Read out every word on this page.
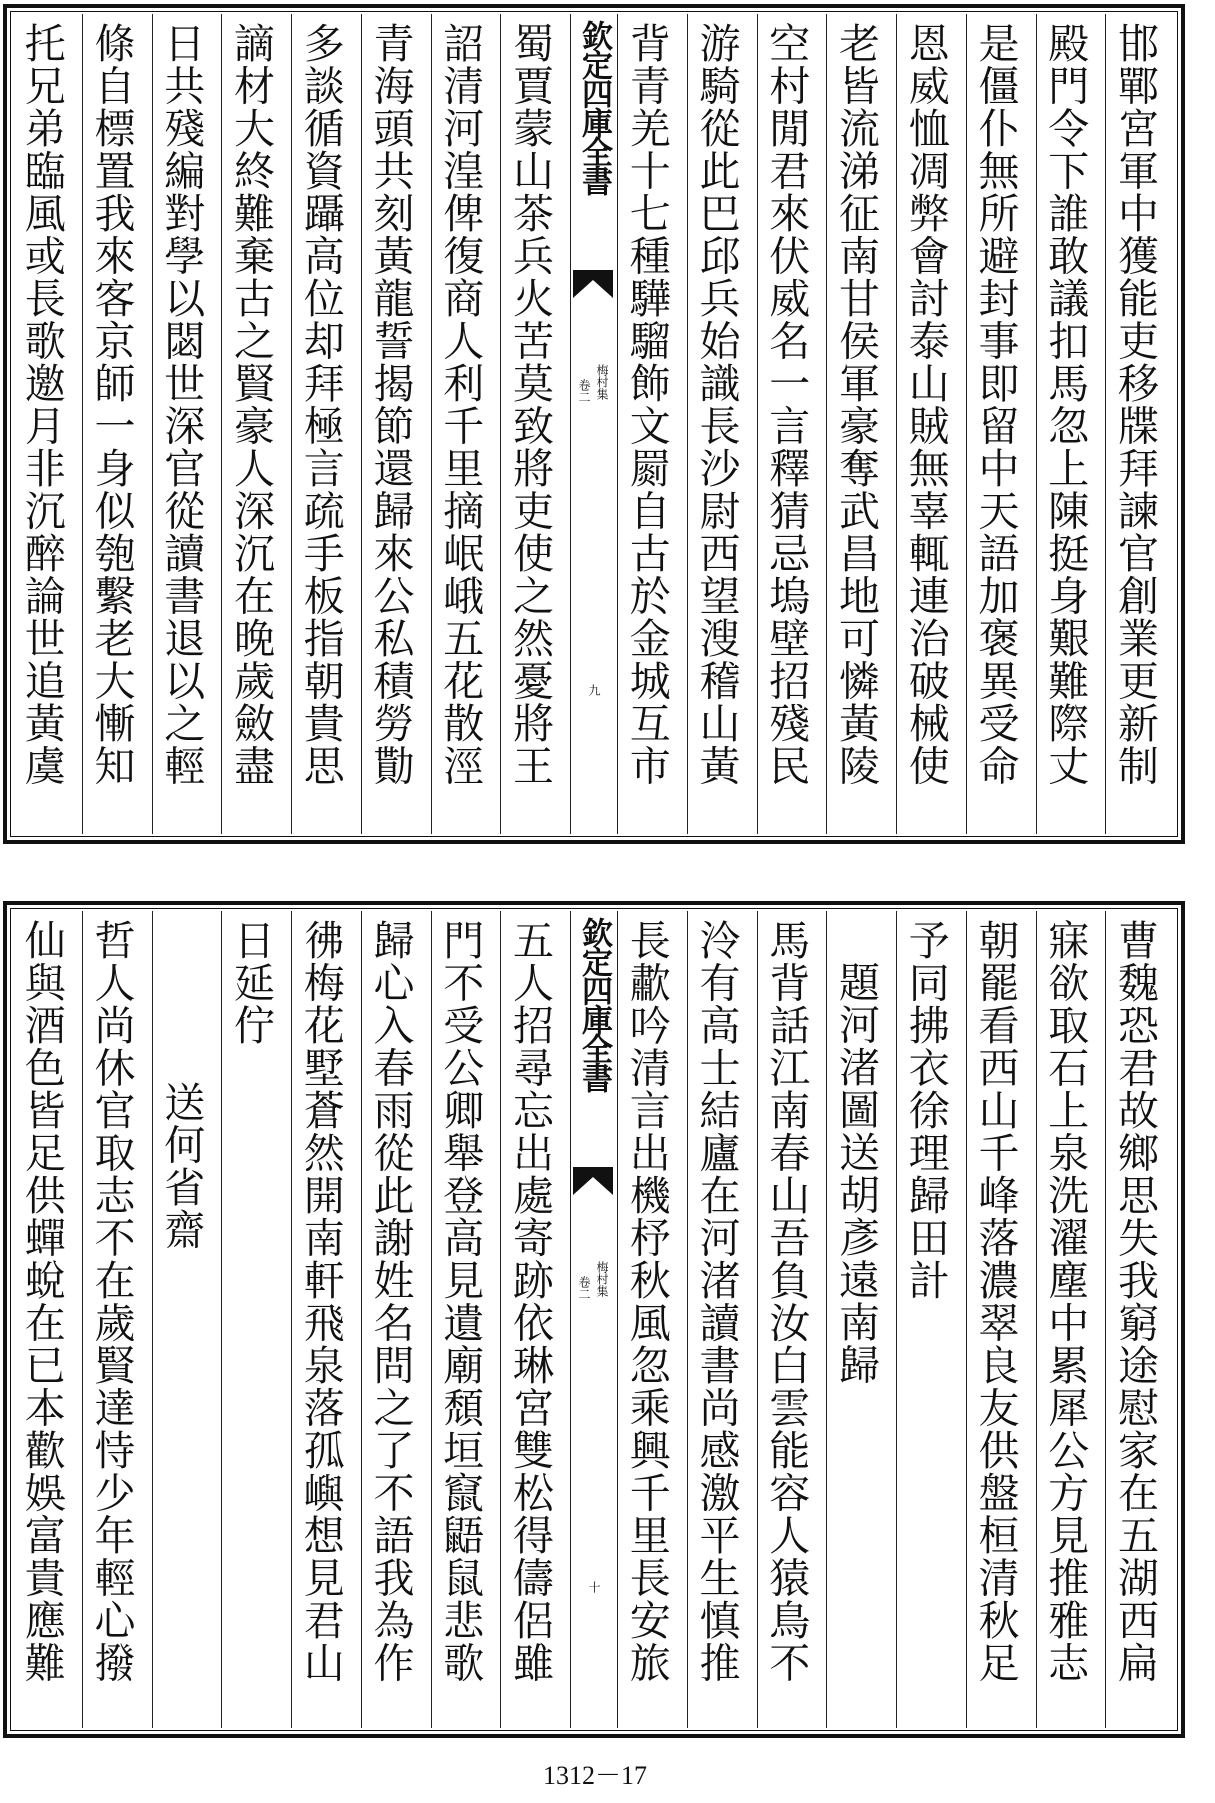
邯鄲宮軍中獲能吏移牒拜諫官創業更新制
殿門令下誰敢議扣馬忽上陳挺身艱難際丈
是僵仆無所避封事即留中天語加褒異受命
恩威恤凋弊會討泰山賊無辜輒連治破械使
老皆流涕征南甘侯軍豪奪武昌地可憐黃陵
空村閒君來伏威名一言釋猜忌塢壁招殘民
游騎從此巴邱兵始識長沙尉西望溲稽山黃
背青羌十七種驊騮飾文罽自古於金城互市
欽定四庫全書
梅村集
卷二
九
蜀賈蒙山茶兵火苦莫致將吏使之然憂將王
詔清河湟俾復商人利千里摘岷峨五花散涇
青海頭共刻黃龍誓揭節還歸來公私積勞勩
多談循資躡高位却拜極言疏手板指朝貴思
謫材大終難棄古之賢豪人深沉在晚歲斂盡
日共殘編對學以閟世深官從讀書退以之輕
條自標置我來客京師一身似匏繫老大慚知
托兄弟臨風或長歌邀月非沉醉論世追黃虞
曹魏恐君故鄉思失我窮途慰家在五湖西扁
寐欲取石上泉洗濯塵中累犀公方見推雅志
朝罷看西山千峰落濃翠良友供盤桓清秋足
予同拂衣徐理歸田計
題河渚圖送胡彥遠南歸
馬背話江南春山吾負汝白雲能容人猿鳥不
泠有高士結廬在河渚讀書尚感激平生慎推
長歗吟清言出機杼秋風忽乘興千里長安旅
欽定四庫全書
梅村集
卷二
十
五人招尋忘出處寄跡依琳宮雙松得儔侶雖
門不受公卿舉登高見遺廟頹垣竄鼯鼠悲歌
歸心入春雨從此謝姓名問之了不語我為作
彿梅花墅蒼然開南軒飛泉落孤嶼想見君山
日延佇
送何省齋
哲人尚休官取志不在歲賢達恃少年輕心撥
仙與酒色皆足供蟬蛻在已本歡娛富貴應難
1312－17
